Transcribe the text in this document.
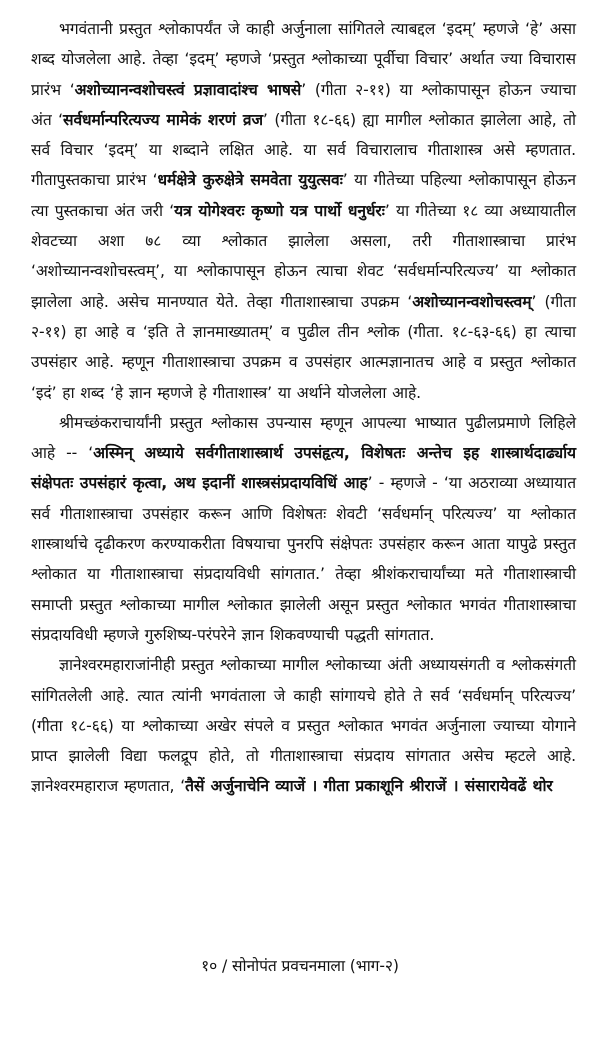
भगवंतानी प्रस्तुत श्लोकापर्यंत जे काही अर्जुनाला सांगितले त्याबद्दल ‘इदम्’ म्हणजे ‘हे’ असा शब्द योजलेला आहे. तेव्हा ‘इदम्’ म्हणजे ‘प्रस्तुत श्लोकाच्या पूर्वीचा विचार’ अर्थात ज्या विचारास प्रारंभ ‘अशोच्यानन्वशोचस्त्वं प्रज्ञावादांश्च भाषसे’ (गीता २-११) या श्लोकापासून होऊन ज्याचा अंत ‘सर्वधर्मान्परित्यज्य मामेकं शरणं व्रज’ (गीता १८-६६) ह्या मागील श्लोकात झालेला आहे, तो सर्व विचार ‘इदम्’ या शब्दाने लक्षित आहे. या सर्व विचारालाच गीताशास्त्र असे म्हणतात. गीतापुस्तकाचा प्रारंभ ‘धर्मक्षेत्रे कुरुक्षेत्रे समवेता युयुत्सवः’ या गीतेच्या पहिल्या श्लोकापासून होऊन त्या पुस्तकाचा अंत जरी ‘यत्र योगेश्वरः कृष्णो यत्र पार्थो धनुर्धरः’ या गीतेच्या १८ व्या अध्यायातील शेवटच्या अशा ७८ व्या श्लोकात झालेला असला, तरी गीताशास्त्राचा प्रारंभ ‘अशोच्यानन्वशोचस्त्वम्’, या श्लोकापासून होऊन त्याचा शेवट ‘सर्वधर्मान्परित्यज्य’ या श्लोकात झालेला आहे. असेच मानण्यात येते. तेव्हा गीताशास्त्राचा उपक्रम ‘अशोच्यानन्वशोचस्त्वम्’ (गीता २-११) हा आहे व ‘इति ते ज्ञानमाख्यातम्’ व पुढील तीन श्लोक (गीता. १८-६३-६६) हा त्याचा उपसंहार आहे. म्हणून गीताशास्त्राचा उपक्रम व उपसंहार आत्मज्ञानातच आहे व प्रस्तुत श्लोकात ‘इदं’ हा शब्द ‘हे ज्ञान म्हणजे हे गीताशास्त्र’ या अर्थाने योजलेला आहे.

श्रीमच्छंकराचार्यांनी प्रस्तुत श्लोकास उपन्यास म्हणून आपल्या भाष्यात पुढीलप्रमाणे लिहिले आहे -- ‘अस्मिन् अध्याये सर्वगीताशास्त्रार्थ उपसंहृत्य, विशेषतः अन्तेच इह शास्त्रार्थदार्ढ्याय संक्षेपतः उपसंहारं कृत्वा, अथ इदानीं शास्त्रसंप्रदायविधिं आह’ - म्हणजे - ‘या अठराव्या अध्यायात सर्व गीताशास्त्राचा उपसंहार करून आणि विशेषतः शेवटी ‘सर्वधर्मान् परित्यज्य’ या श्लोकात शास्त्रार्थाचे दृढीकरण करण्याकरीता विषयाचा पुनरपि संक्षेपतः उपसंहार करून आता यापुढे प्रस्तुत श्लोकात या गीताशास्त्राचा संप्रदायविधी सांगतात.’ तेव्हा श्रीशंकराचार्यांच्या मते गीताशास्त्राची समाप्ती प्रस्तुत श्लोकाच्या मागील श्लोकात झालेली असून प्रस्तुत श्लोकात भगवंत गीताशास्त्राचा संप्रदायविधी म्हणजे गुरुशिष्य-परंपरेने ज्ञान शिकवण्याची पद्धती सांगतात.

ज्ञानेश्वरमहाराजांनीही प्रस्तुत श्लोकाच्या मागील श्लोकाच्या अंती अध्यायसंगती व श्लोकसंगती सांगितलेली आहे. त्यात त्यांनी भगवंताला जे काही सांगायचे होते ते सर्व ‘सर्वधर्मान् परित्यज्य’ (गीता १८-६६) या श्लोकाच्या अखेर संपले व प्रस्तुत श्लोकात भगवंत अर्जुनाला ज्याच्या योगाने प्राप्त झालेली विद्या फलद्रूप होते, तो गीताशास्त्राचा संप्रदाय सांगतात असेच म्हटले आहे. ज्ञानेश्वरमहाराज म्हणतात, ‘तैसें अर्जुनाचेनि व्याजें । गीता प्रकाशूनि श्रीराजें । संसारायेवढें थोर

१० / सोनोपंत प्रवचनमाला (भाग-२)
